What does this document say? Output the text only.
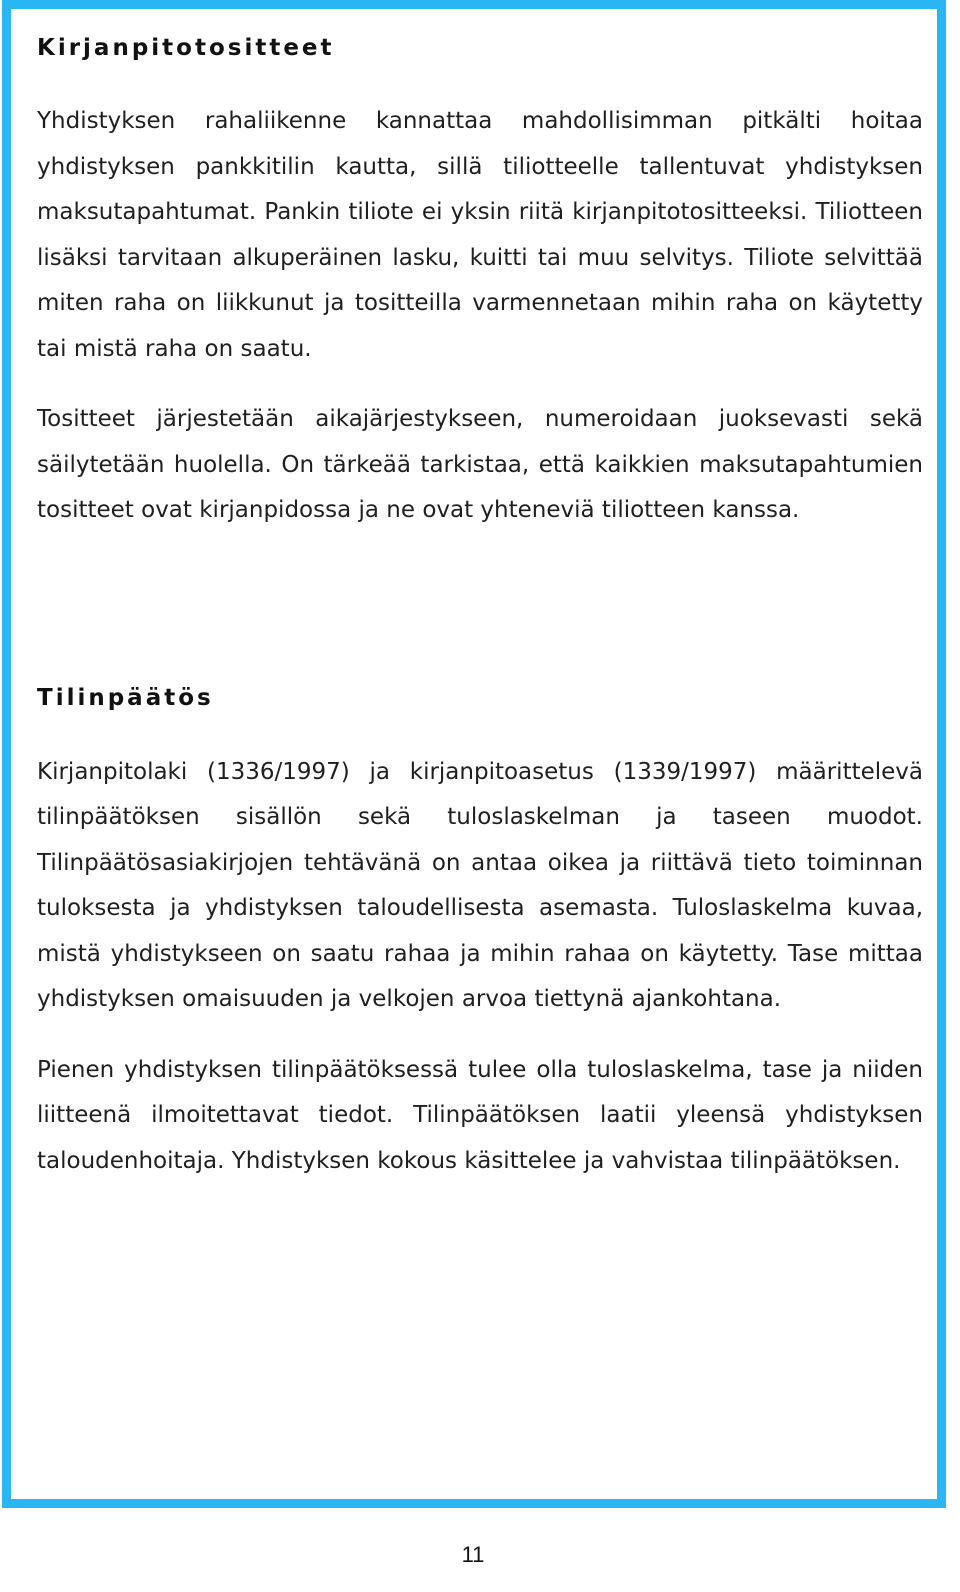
Kirjanpitotositteet

Yhdistyksen rahaliikenne kannattaa mahdollisimman pitkälti hoitaa yhdistyksen pankkitilin kautta, sillä tiliotteelle tallentuvat yhdistyksen maksutapahtumat. Pankin tiliote ei yksin riitä kirjanpitotositteeksi. Tiliotteen lisäksi tarvitaan alkuperäinen lasku, kuitti tai muu selvitys. Tiliote selvittää miten raha on liikkunut ja tositteilla varmennetaan mihin raha on käytetty tai mistä raha on saatu.

Tositteet järjestetään aikajärjestykseen, numeroidaan juoksevasti sekä säilytetään huolella. On tärkeää tarkistaa, että kaikkien maksutapahtumien tositteet ovat kirjanpidossa ja ne ovat yhteneviä tiliotteen kanssa.

Tilinpäätös

Kirjanpitolaki (1336/1997) ja kirjanpitoasetus (1339/1997) määrittelevä tilinpäätöksen sisällön sekä tuloslaskelman ja taseen muodot. Tilinpäätösasiakirjojen tehtävänä on antaa oikea ja riittävä tieto toiminnan tuloksesta ja yhdistyksen taloudellisesta asemasta. Tuloslaskelma kuvaa, mistä yhdistykseen on saatu rahaa ja mihin rahaa on käytetty. Tase mittaa yhdistyksen omaisuuden ja velkojen arvoa tiettynä ajankohtana.

Pienen yhdistyksen tilinpäätöksessä tulee olla tuloslaskelma, tase ja niiden liitteenä ilmoitettavat tiedot. Tilinpäätöksen laatii yleensä yhdistyksen taloudenhoitaja. Yhdistyksen kokous käsittelee ja vahvistaa tilinpäätöksen.

11
